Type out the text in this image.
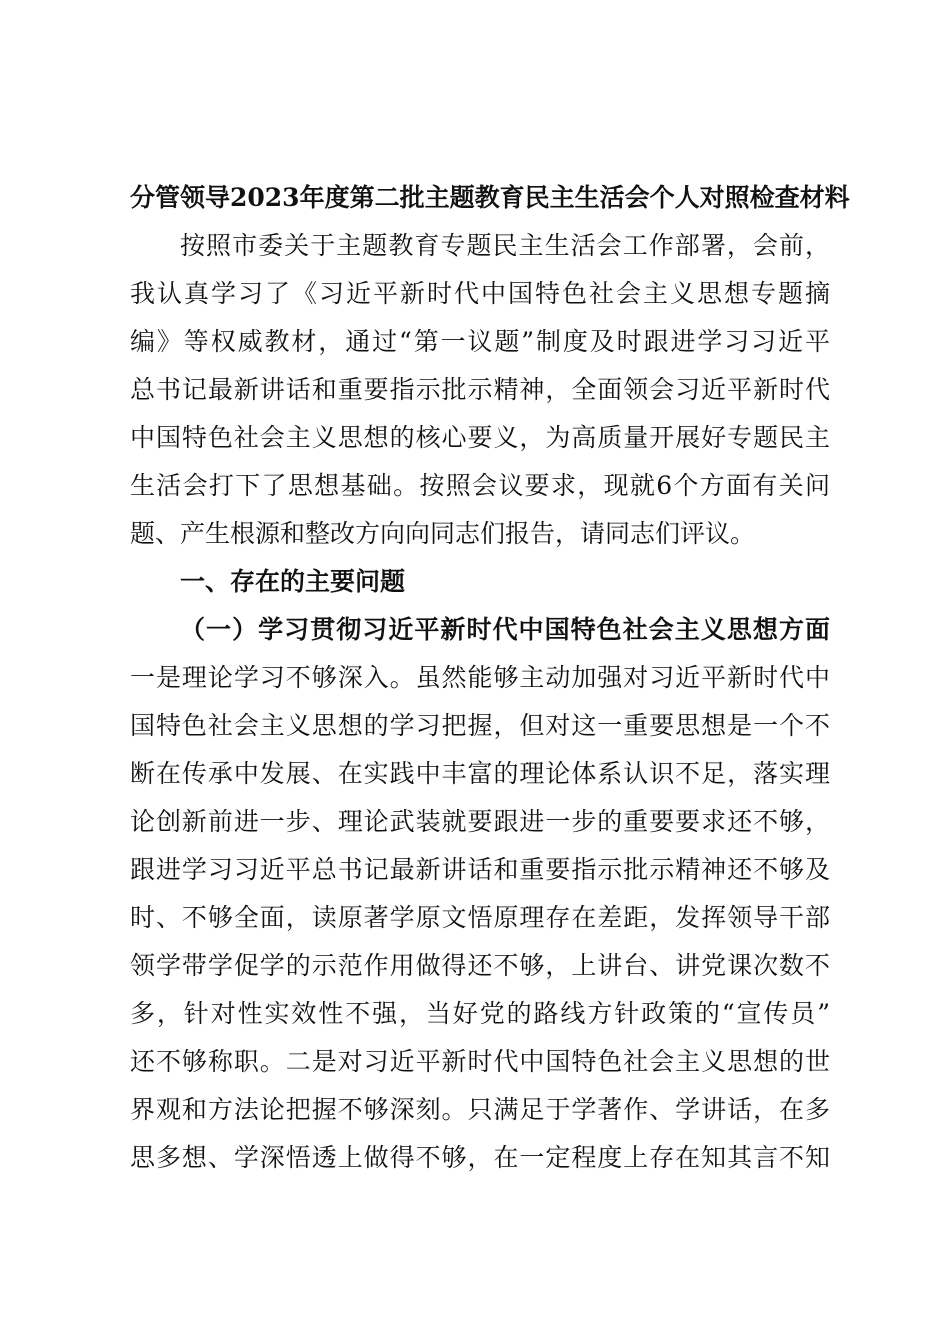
分管领导2023年度第二批主题教育民主生活会个人对照检查材料
按照市委关于主题教育专题民主生活会工作部署，会前，
我认真学习了《习近平新时代中国特色社会主义思想专题摘
编》等权威教材，通过“第一议题”制度及时跟进学习习近平
总书记最新讲话和重要指示批示精神，全面领会习近平新时代
中国特色社会主义思想的核心要义，为高质量开展好专题民主
生活会打下了思想基础。按照会议要求，现就6个方面有关问
题、产生根源和整改方向向同志们报告，请同志们评议。
一、存在的主要问题
（一）学习贯彻习近平新时代中国特色社会主义思想方面
一是理论学习不够深入。虽然能够主动加强对习近平新时代中
国特色社会主义思想的学习把握，但对这一重要思想是一个不
断在传承中发展、在实践中丰富的理论体系认识不足，落实理
论创新前进一步、理论武装就要跟进一步的重要要求还不够，
跟进学习习近平总书记最新讲话和重要指示批示精神还不够及
时、不够全面，读原著学原文悟原理存在差距，发挥领导干部
领学带学促学的示范作用做得还不够，上讲台、讲党课次数不
多，针对性实效性不强，当好党的路线方针政策的“宣传员”
还不够称职。二是对习近平新时代中国特色社会主义思想的世
界观和方法论把握不够深刻。只满足于学著作、学讲话，在多
思多想、学深悟透上做得不够，在一定程度上存在知其言不知
